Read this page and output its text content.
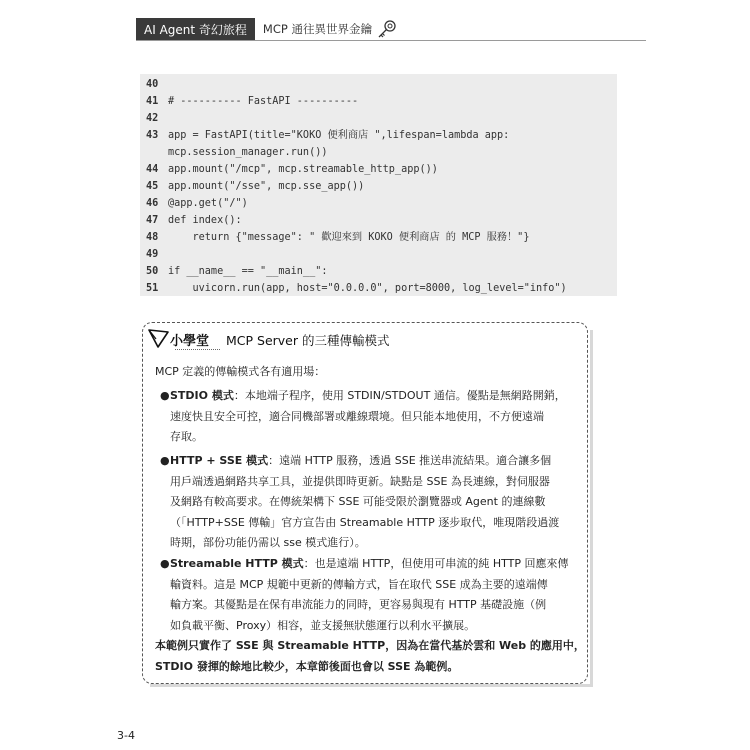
AI Agent 奇幻旅程	MCP 通往異世界金鑰
40
41 # ---------- FastAPI ----------
42
43 app = FastAPI(title="KOKO 便利商店 ",lifespan=lambda app:
mcp.session_manager.run())
44 app.mount("/mcp", mcp.streamable_http_app())
45 app.mount("/sse", mcp.sse_app())
46 @app.get("/")
47 def index():
48    return {"message": " 歡迎來到 KOKO 便利商店 的 MCP 服務！"}
49
50 if __name__ == "__main__":
51    uvicorn.run(app, host="0.0.0.0", port=8000, log_level="info")
小學堂 MCP Server 的三種傳輸模式
MCP 定義的傳輸模式各有適用場：
● STDIO 模式：本地端子程序，使用 STDIN/STDOUT 通信。優點是無網路開銷，
速度快且安全可控，適合同機部署或離線環境。但只能本地使用，不方便遠端
存取。
● HTTP + SSE 模式：遠端 HTTP 服務，透過 SSE 推送串流結果。適合讓多個
用戶端透過網路共享工具，並提供即時更新。缺點是 SSE 為長連線，對伺服器
及網路有較高要求。在傳統架構下 SSE 可能受限於瀏覽器或 Agent 的連線數
（「HTTP+SSE 傳輸」官方宣告由 Streamable HTTP 逐步取代，唯現階段過渡
時期，部份功能仍需以 sse 模式進行）。
● Streamable HTTP 模式：也是遠端 HTTP，但使用可串流的純 HTTP 回應來傳
輸資料。這是 MCP 規範中更新的傳輸方式，旨在取代 SSE 成為主要的遠端傳
輸方案。其優點是在保有串流能力的同時，更容易與現有 HTTP 基礎設施（例
如負載平衡、Proxy）相容，並支援無狀態運行以利水平擴展。
本範例只實作了 SSE 與 Streamable HTTP，因為在當代基於雲和 Web 的應用中，
STDIO 發揮的餘地比較少，本章節後面也會以 SSE 為範例。
3-4
